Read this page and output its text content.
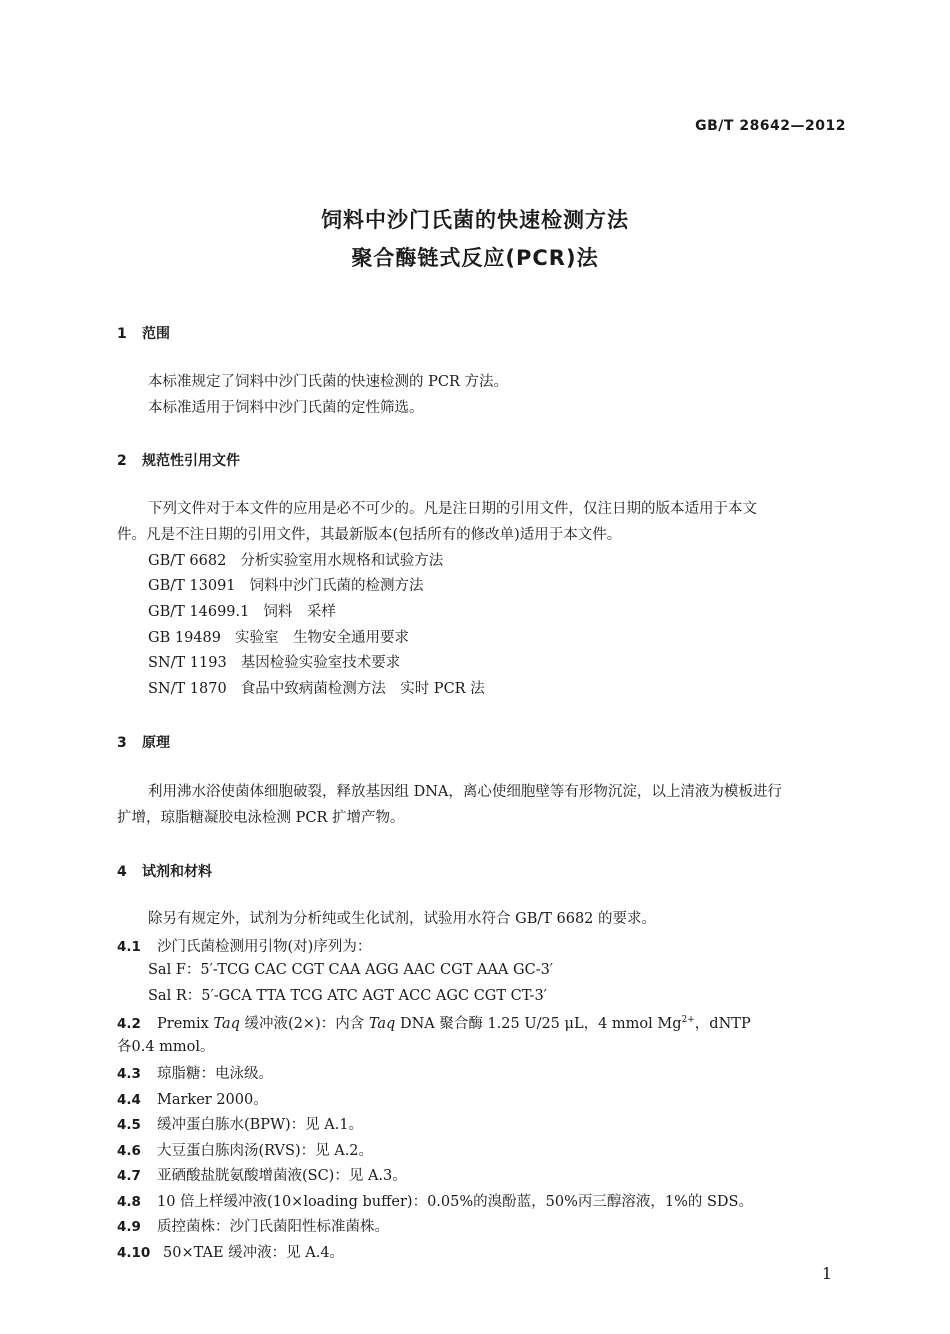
GB/T 28642—2012
饲料中沙门氏菌的快速检测方法
聚合酶链式反应(PCR)法
1 范围
本标准规定了饲料中沙门氏菌的快速检测的 PCR 方法。
本标准适用于饲料中沙门氏菌的定性筛选。
2 规范性引用文件
下列文件对于本文件的应用是必不可少的。凡是注日期的引用文件，仅注日期的版本适用于本文
件。凡是不注日期的引用文件，其最新版本(包括所有的修改单)适用于本文件。
GB/T 6682 分析实验室用水规格和试验方法
GB/T 13091 饲料中沙门氏菌的检测方法
GB/T 14699.1 饲料　采样
GB 19489 实验室　生物安全通用要求
SN/T 1193 基因检验实验室技术要求
SN/T 1870 食品中致病菌检测方法　实时 PCR 法
3 原理
利用沸水浴使菌体细胞破裂，释放基因组 DNA，离心使细胞壁等有形物沉淀，以上清液为模板进行
扩增，琼脂糖凝胶电泳检测 PCR 扩增产物。
4 试剂和材料
除另有规定外，试剂为分析纯或生化试剂，试验用水符合 GB/T 6682 的要求。
4.1 沙门氏菌检测用引物(对)序列为：
Sal F：5′-TCG CAC CGT CAA AGG AAC CGT AAA GC-3′
Sal R：5′-GCA TTA TCG ATC AGT ACC AGC CGT CT-3′
4.2 Premix Taq 缓冲液(2×)：内含 Taq DNA 聚合酶 1.25 U/25 μL，4 mmol $Mg^{2+}$，dNTP
各0.4 mmol。
4.3 琼脂糖：电泳级。
4.4 Marker 2000。
4.5 缓冲蛋白胨水(BPW)：见 A.1。
4.6 大豆蛋白胨肉汤(RVS)：见 A.2。
4.7 亚硒酸盐胱氨酸增菌液(SC)：见 A.3。
4.8 10 倍上样缓冲液(10×loading buffer)：0.05%的溴酚蓝，50%丙三醇溶液，1%的 SDS。
4.9 质控菌株：沙门氏菌阳性标准菌株。
4.10 50×TAE 缓冲液：见 A.4。
1
